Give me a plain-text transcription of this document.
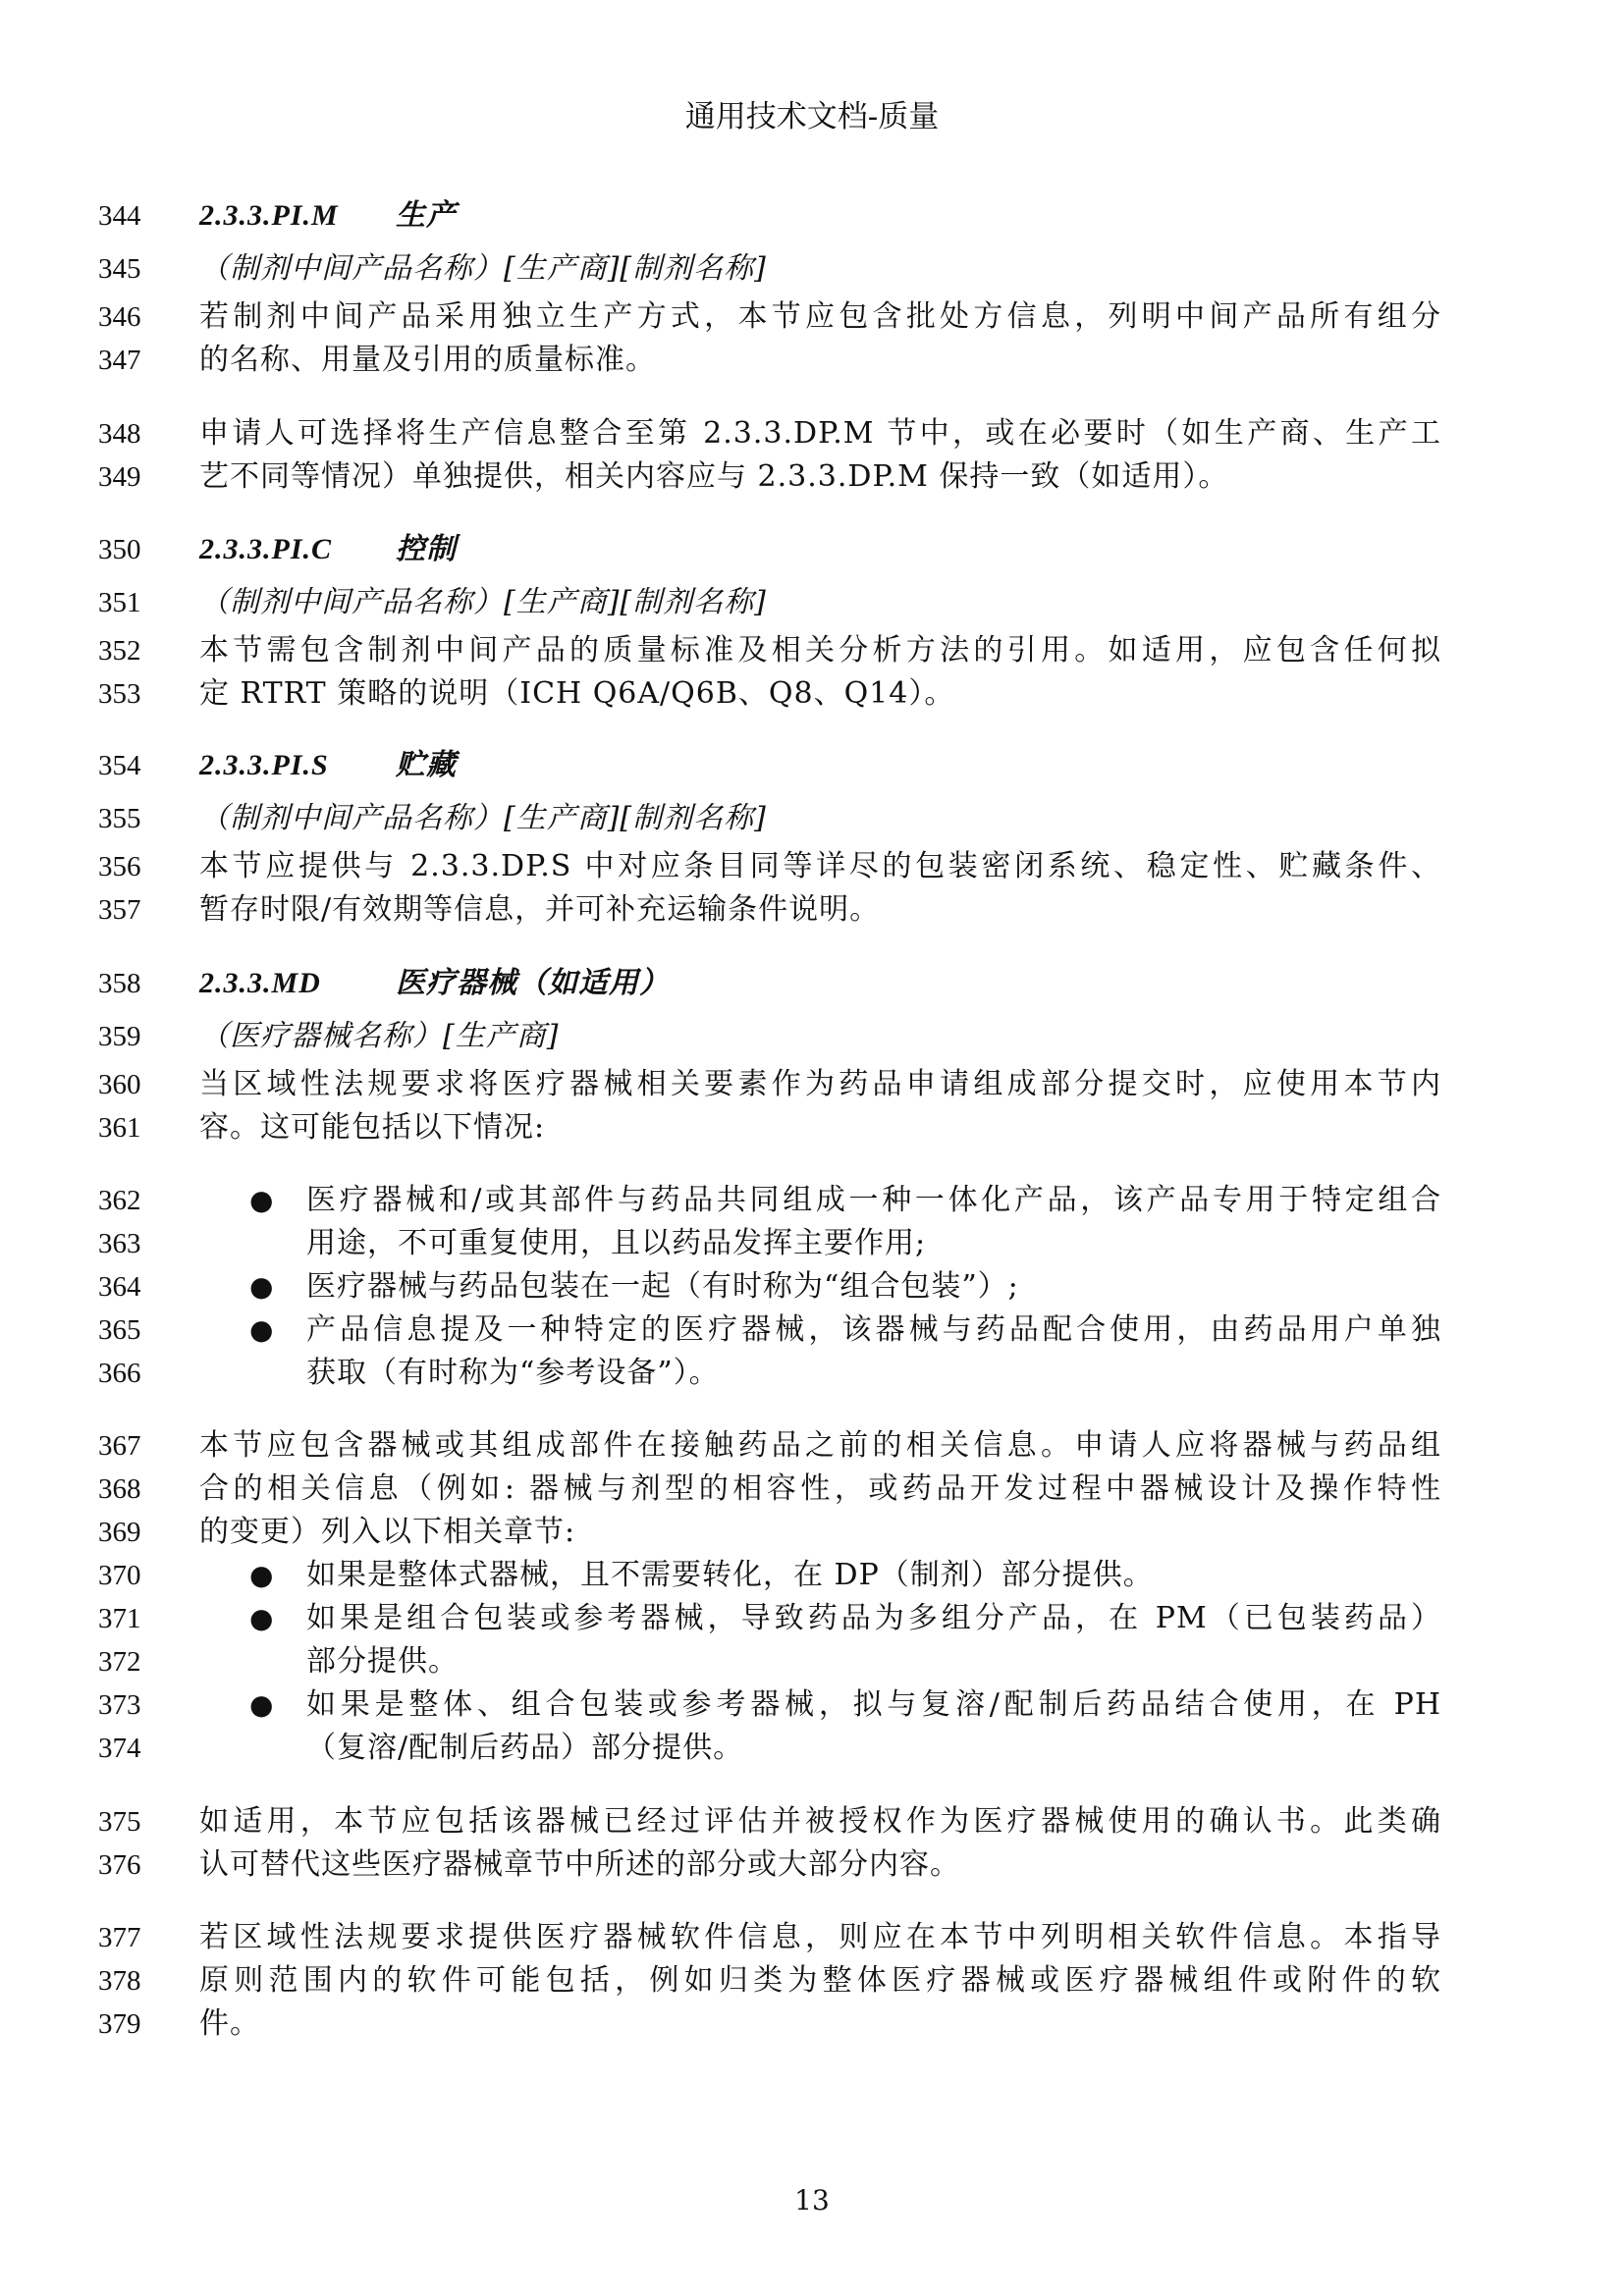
通用技术文档-质量
344	2.3.3.PI.M 生产
345	（制剂中间产品名称）[生产商][制剂名称]
346	若制剂中间产品采用独立生产方式，本节应包含批处方信息，列明中间产品所有组分
347	的名称、用量及引用的质量标准。
348	申请人可选择将生产信息整合至第 2.3.3.DP.M 节中，或在必要时（如生产商、生产工
349	艺不同等情况）单独提供，相关内容应与 2.3.3.DP.M 保持一致（如适用）。
350	2.3.3.PI.C 控制
351	（制剂中间产品名称）[生产商][制剂名称]
352	本节需包含制剂中间产品的质量标准及相关分析方法的引用。如适用，应包含任何拟
353	定 RTRT 策略的说明（ICH Q6A/Q6B、Q8、Q14）。
354	2.3.3.PI.S 贮藏
355	（制剂中间产品名称）[生产商][制剂名称]
356	本节应提供与 2.3.3.DP.S 中对应条目同等详尽的包装密闭系统、稳定性、贮藏条件、
357	暂存时限/有效期等信息，并可补充运输条件说明。
358	2.3.3.MD	医疗器械（如适用）
359	（医疗器械名称）[生产商]
360	当区域性法规要求将医疗器械相关要素作为药品申请组成部分提交时，应使用本节内
361	容。这可能包括以下情况:
362	● 医疗器械和/或其部件与药品共同组成一种一体化产品，该产品专用于特定组合
363	用途，不可重复使用，且以药品发挥主要作用;
364	● 医疗器械与药品包装在一起（有时称为“组合包装”）;
365	● 产品信息提及一种特定的医疗器械，该器械与药品配合使用，由药品用户单独
366	获取（有时称为“参考设备”）。
367	本节应包含器械或其组成部件在接触药品之前的相关信息。申请人应将器械与药品组
368	合的相关信息（例如: 器械与剂型的相容性，或药品开发过程中器械设计及操作特性
369	的变更）列入以下相关章节:
370	● 如果是整体式器械，且不需要转化，在 DP（制剂）部分提供。
371	● 如果是组合包装或参考器械，导致药品为多组分产品，在 PM（已包装药品）
372	部分提供。
373	● 如果是整体、组合包装或参考器械，拟与复溶/配制后药品结合使用，在 PH
374	（复溶/配制后药品）部分提供。
375	如适用，本节应包括该器械已经过评估并被授权作为医疗器械使用的确认书。此类确
376	认可替代这些医疗器械章节中所述的部分或大部分内容。
377	若区域性法规要求提供医疗器械软件信息，则应在本节中列明相关软件信息。本指导
378	原则范围内的软件可能包括，例如归类为整体医疗器械或医疗器械组件或附件的软
379	件。
13
